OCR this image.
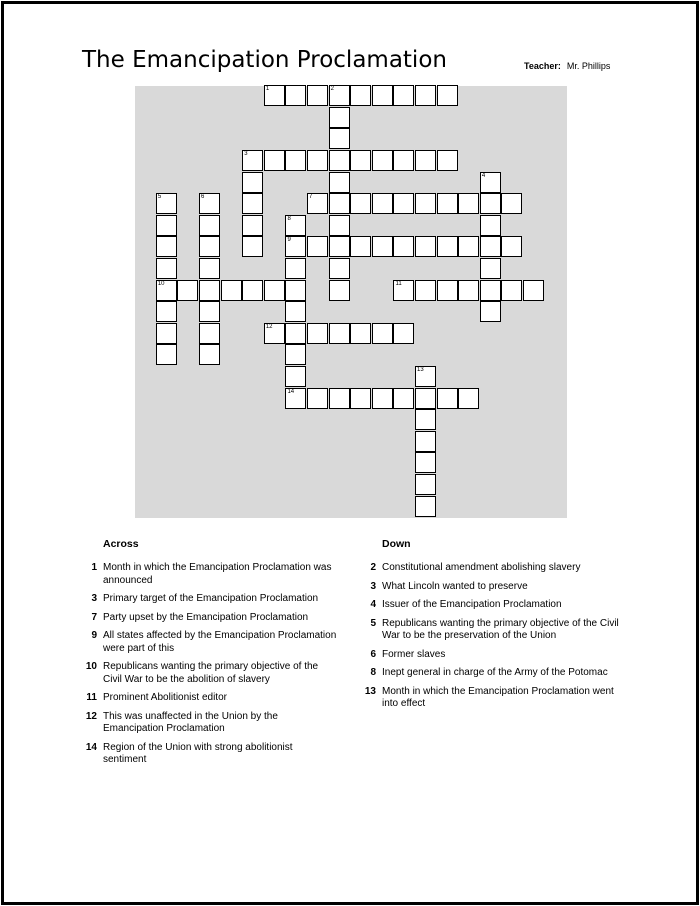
The Emancipation Proclamation	Teacher: Mr. Phillips
1	2
3
4
5
10
6	7
8
9
14
11
12
13
Across
1 Month in which the Emancipation Proclamation was announced
3 Primary target of the Emancipation Proclamation
7 Party upset by the Emancipation Proclamation
9 All states affected by the Emancipation Proclamation were part of this
10 Republicans wanting the primary objective of the Civil War to be the abolition of slavery
11 Prominent Abolitionist editor
12 This was unaffected in the Union by the Emancipation Proclamation
14 Region of the Union with strong abolitionist sentiment
Down
2 Constitutional amendment abolishing slavery
3 What Lincoln wanted to preserve
4 Issuer of the Emancipation Proclamation
5 Republicans wanting the primary objective of the Civil War to be the preservation of the Union
6 Former slaves
8 Inept general in charge of the Army of the Potomac
13 Month in which the Emancipation Proclamation went into effect
